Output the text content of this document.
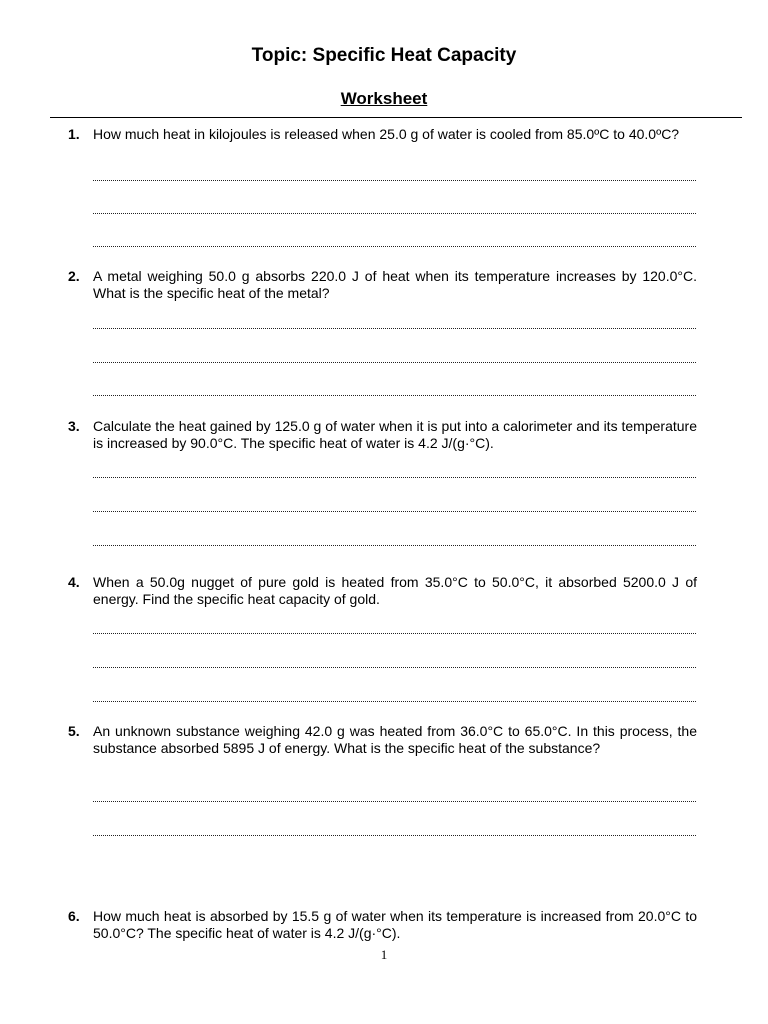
Topic: Specific Heat Capacity
Worksheet
1. How much heat in kilojoules is released when 25.0 g of water is cooled from 85.0ºC to 40.0ºC?
2. A metal weighing 50.0 g absorbs 220.0 J of heat when its temperature increases by 120.0°C. What is the specific heat of the metal?
3. Calculate the heat gained by 125.0 g of water when it is put into a calorimeter and its temperature is increased by 90.0°C. The specific heat of water is 4.2 J/(g·°C).
4. When a 50.0g nugget of pure gold is heated from 35.0°C to 50.0°C, it absorbed 5200.0 J of energy. Find the specific heat capacity of gold.
5. An unknown substance weighing 42.0 g was heated from 36.0°C to 65.0°C. In this process, the substance absorbed 5895 J of energy. What is the specific heat of the substance?
6. How much heat is absorbed by 15.5 g of water when its temperature is increased from 20.0°C to 50.0°C? The specific heat of water is 4.2 J/(g·°C).
1
